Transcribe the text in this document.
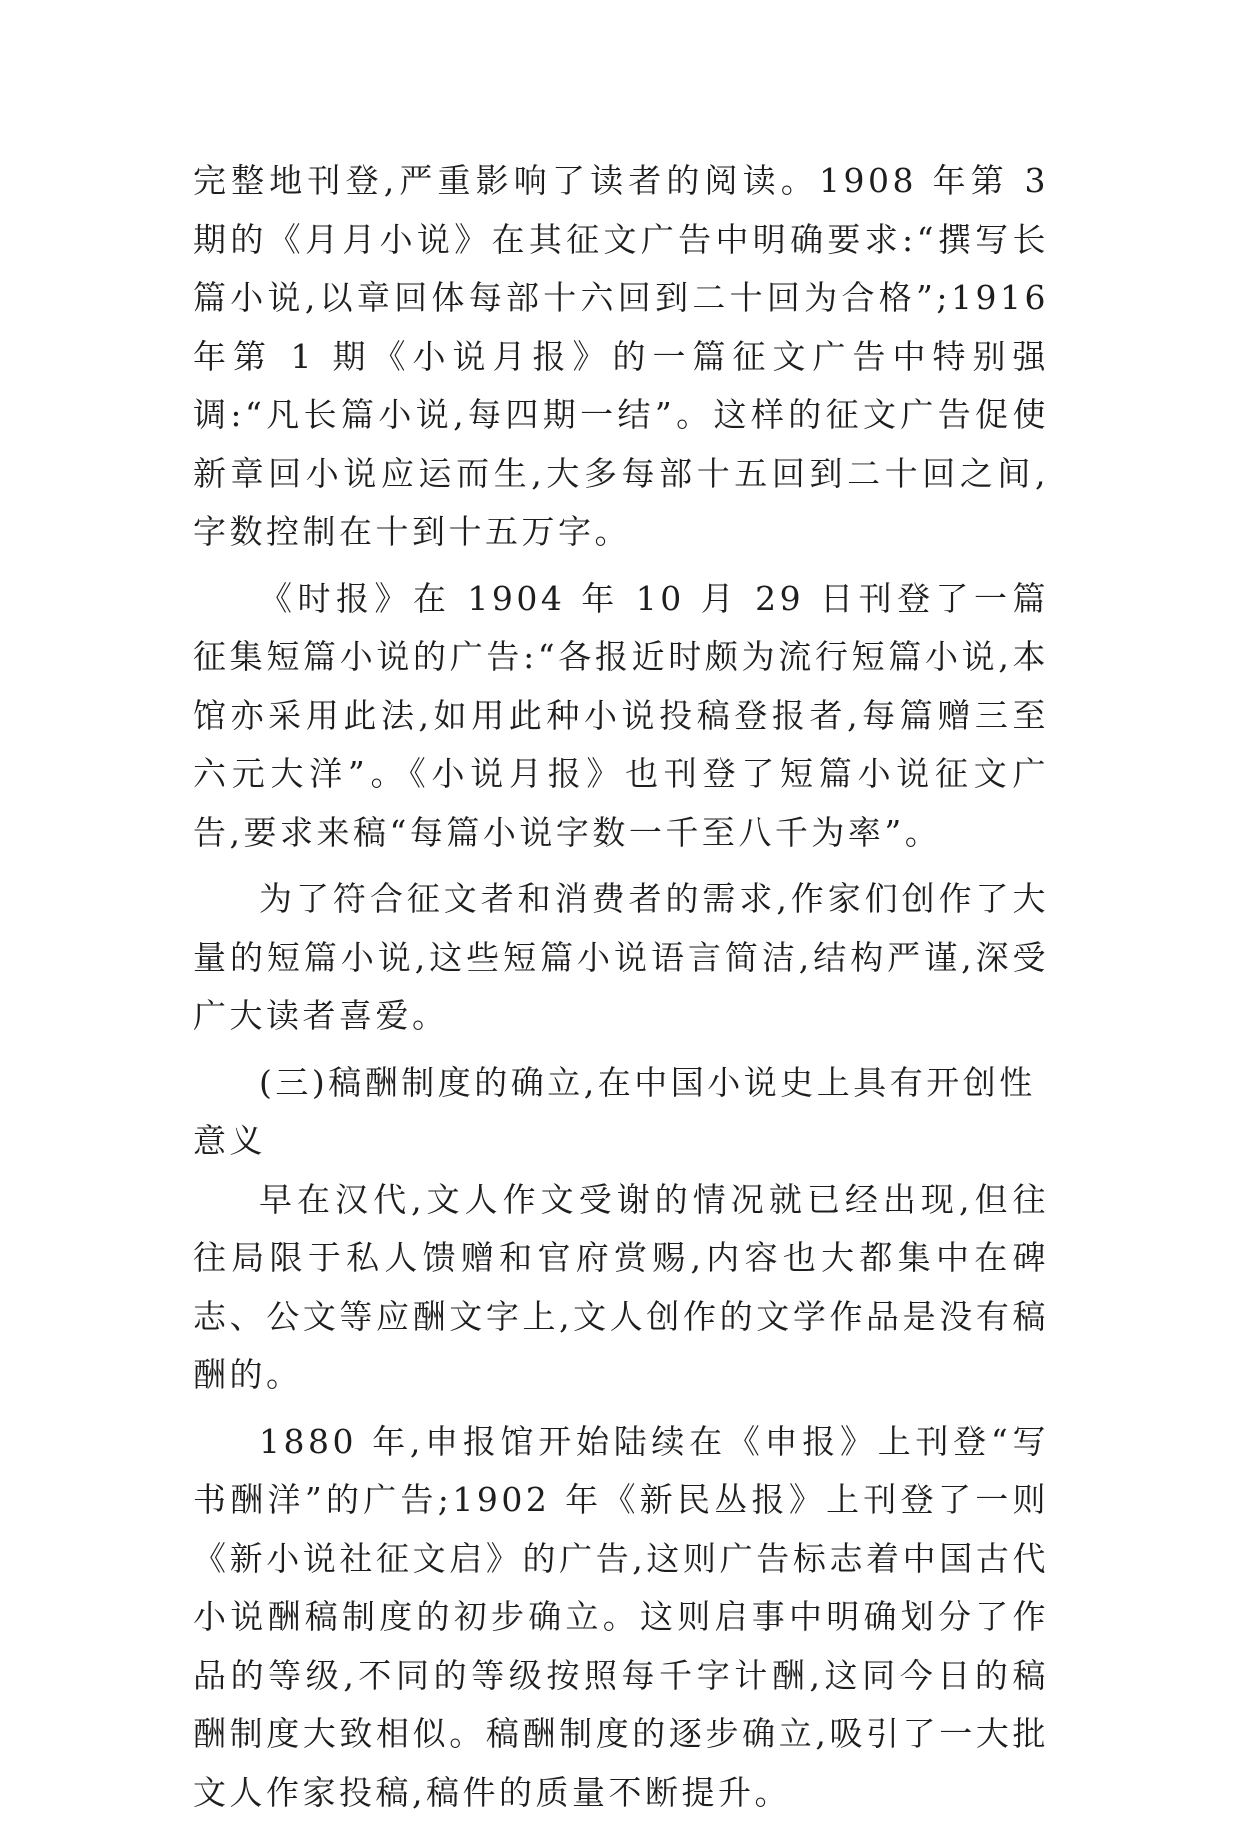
完整地刊登,严重影响了读者的阅读。1908 年第 3 期的《月月小说》在其征文广告中明确要求:“撰写长篇小说,以章回体每部十六回到二十回为合格”;1916 年第 1 期《小说月报》的一篇征文广告中特别强调:“凡长篇小说,每四期一结”。这样的征文广告促使新章回小说应运而生,大多每部十五回到二十回之间,字数控制在十到十五万字。

《时报》在 1904 年 10 月 29 日刊登了一篇征集短篇小说的广告:“各报近时颇为流行短篇小说,本馆亦采用此法,如用此种小说投稿登报者,每篇赠三至六元大洋”。《小说月报》也刊登了短篇小说征文广告,要求来稿“每篇小说字数一千至八千为率”。

为了符合征文者和消费者的需求,作家们创作了大量的短篇小说,这些短篇小说语言简洁,结构严谨,深受广大读者喜爱。

(三)稿酬制度的确立,在中国小说史上具有开创性意义

早在汉代,文人作文受谢的情况就已经出现,但往往局限于私人馈赠和官府赏赐,内容也大都集中在碑志、公文等应酬文字上,文人创作的文学作品是没有稿酬的。

1880 年,申报馆开始陆续在《申报》上刊登“写书酬洋”的广告;1902 年《新民丛报》上刊登了一则《新小说社征文启》的广告,这则广告标志着中国古代小说酬稿制度的初步确立。这则启事中明确划分了作品的等级,不同的等级按照每千字计酬,这同今日的稿酬制度大致相似。稿酬制度的逐步确立,吸引了一大批文人作家投稿,稿件的质量不断提升。
